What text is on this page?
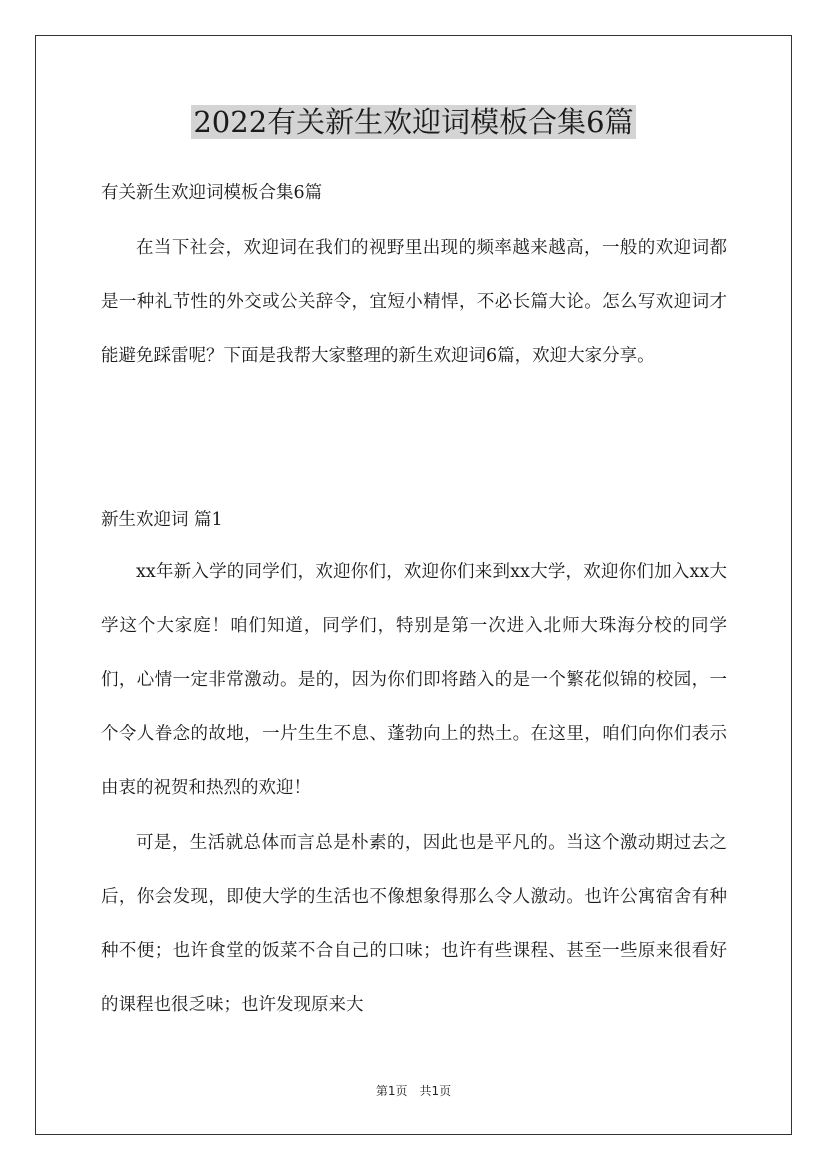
2022有关新生欢迎词模板合集6篇

有关新生欢迎词模板合集6篇

在当下社会，欢迎词在我们的视野里出现的频率越来越高，一般的欢迎词都是一种礼节性的外交或公关辞令，宜短小精悍，不必长篇大论。怎么写欢迎词才能避免踩雷呢？下面是我帮大家整理的新生欢迎词6篇，欢迎大家分享。

新生欢迎词 篇1

xx年新入学的同学们，欢迎你们，欢迎你们来到xx大学，欢迎你们加入xx大学这个大家庭！咱们知道，同学们，特别是第一次进入北师大珠海分校的同学们，心情一定非常激动。是的，因为你们即将踏入的是一个繁花似锦的校园，一个令人眷念的故地，一片生生不息、蓬勃向上的热土。在这里，咱们向你们表示由衷的祝贺和热烈的欢迎！

可是，生活就总体而言总是朴素的，因此也是平凡的。当这个激动期过去之后，你会发现，即使大学的生活也不像想象得那么令人激动。也许公寓宿舍有种种不便；也许食堂的饭菜不合自己的口味；也许有些课程、甚至一些原来很看好的课程也很乏味；也许发现原来大

第1页　共1页
